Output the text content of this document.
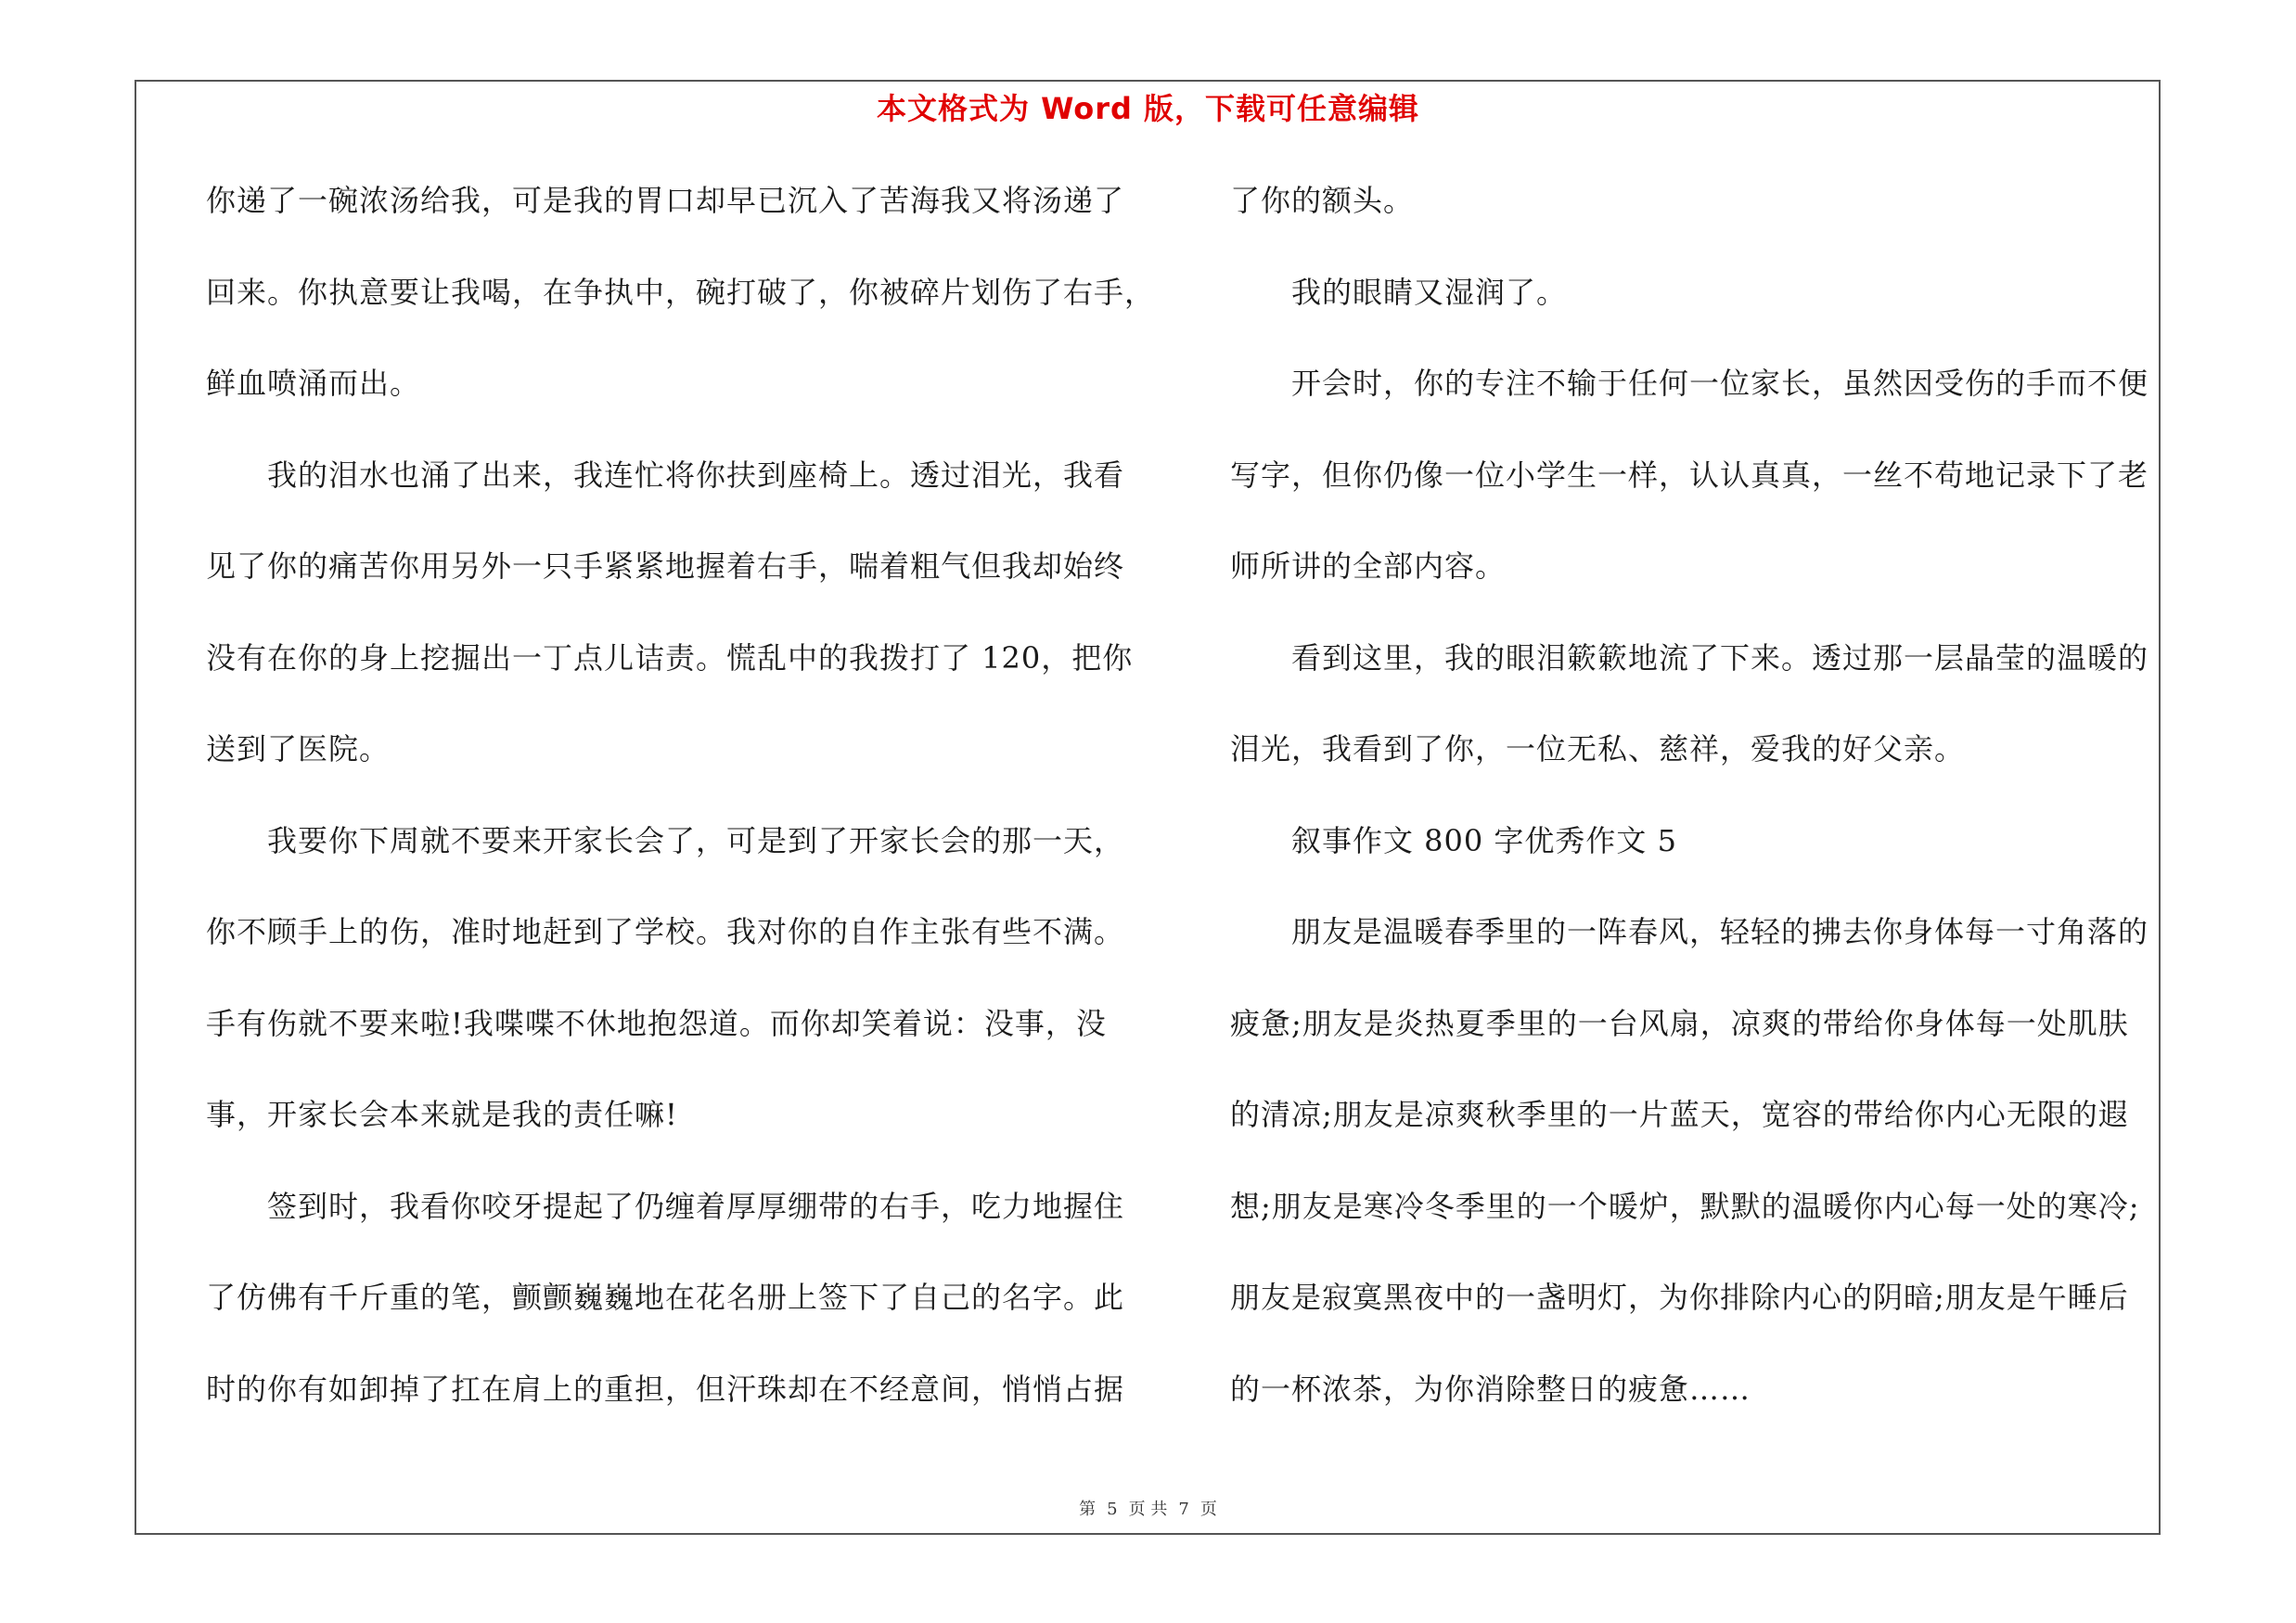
本文格式为 Word 版，下载可任意编辑
你递了一碗浓汤给我，可是我的胃口却早已沉入了苦海我又将汤递了
回来。你执意要让我喝，在争执中，碗打破了，你被碎片划伤了右手，
鲜血喷涌而出。
我的泪水也涌了出来，我连忙将你扶到座椅上。透过泪光，我看
见了你的痛苦你用另外一只手紧紧地握着右手，喘着粗气但我却始终
没有在你的身上挖掘出一丁点儿诘责。慌乱中的我拨打了 120，把你
送到了医院。
我要你下周就不要来开家长会了，可是到了开家长会的那一天，
你不顾手上的伤，准时地赶到了学校。我对你的自作主张有些不满。
手有伤就不要来啦!我喋喋不休地抱怨道。而你却笑着说：没事，没
事，开家长会本来就是我的责任嘛!
签到时，我看你咬牙提起了仍缠着厚厚绷带的右手，吃力地握住
了仿佛有千斤重的笔，颤颤巍巍地在花名册上签下了自己的名字。此
时的你有如卸掉了扛在肩上的重担，但汗珠却在不经意间，悄悄占据
了你的额头。
我的眼睛又湿润了。
开会时，你的专注不输于任何一位家长，虽然因受伤的手而不便
写字，但你仍像一位小学生一样，认认真真，一丝不苟地记录下了老
师所讲的全部内容。
看到这里，我的眼泪簌簌地流了下来。透过那一层晶莹的温暖的
泪光，我看到了你，一位无私、慈祥，爱我的好父亲。
叙事作文 800 字优秀作文 5
朋友是温暖春季里的一阵春风，轻轻的拂去你身体每一寸角落的
疲惫;朋友是炎热夏季里的一台风扇，凉爽的带给你身体每一处肌肤
的清凉;朋友是凉爽秋季里的一片蓝天，宽容的带给你内心无限的遐
想;朋友是寒冷冬季里的一个暖炉，默默的温暖你内心每一处的寒冷;
朋友是寂寞黑夜中的一盏明灯，为你排除内心的阴暗;朋友是午睡后
的一杯浓茶，为你消除整日的疲惫……
第 5 页 共 7 页
